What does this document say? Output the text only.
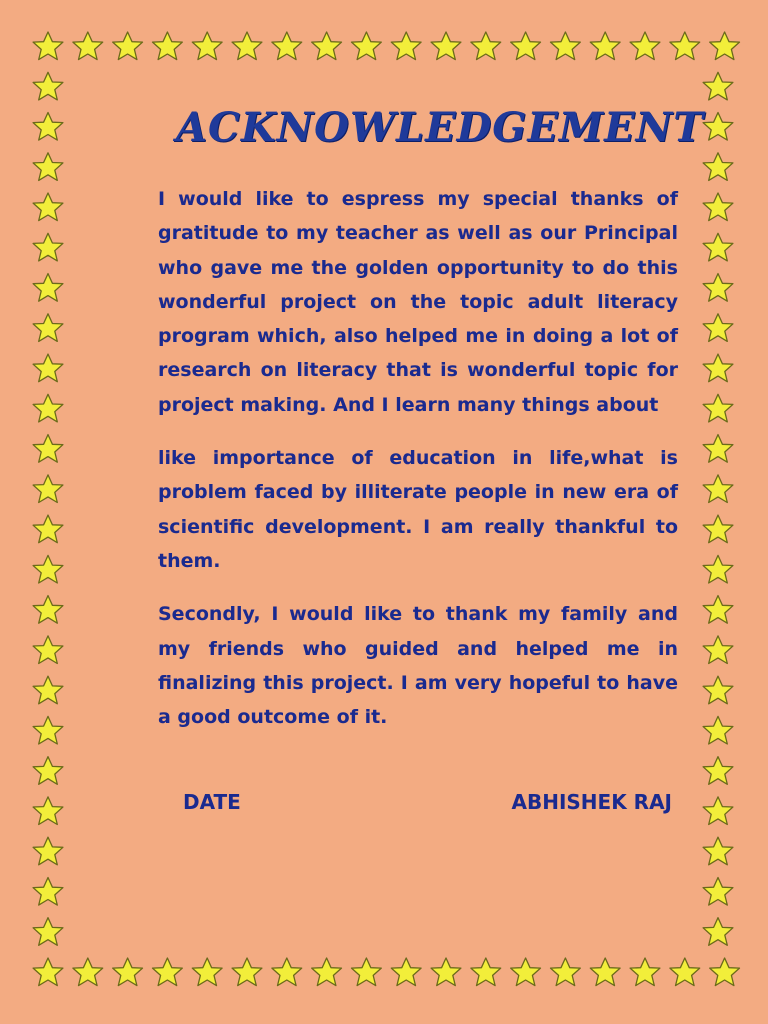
ACKNOWLEDGEMENT

I would like to espress my special thanks of gratitude to my teacher as well as our Principal who gave me the golden opportunity to do this wonderful project on the topic adult literacy program which, also helped me in doing a lot of research on literacy that is wonderful topic for project making. And I learn many things about

like importance of education in life,what is problem faced by illiterate people in new era of scientific development. I am really thankful to them.

Secondly, I would like to thank my family and my friends who guided and helped me in finalizing this project. I am very hopeful to have a good outcome of it.

DATE	ABHISHEK RAJ
